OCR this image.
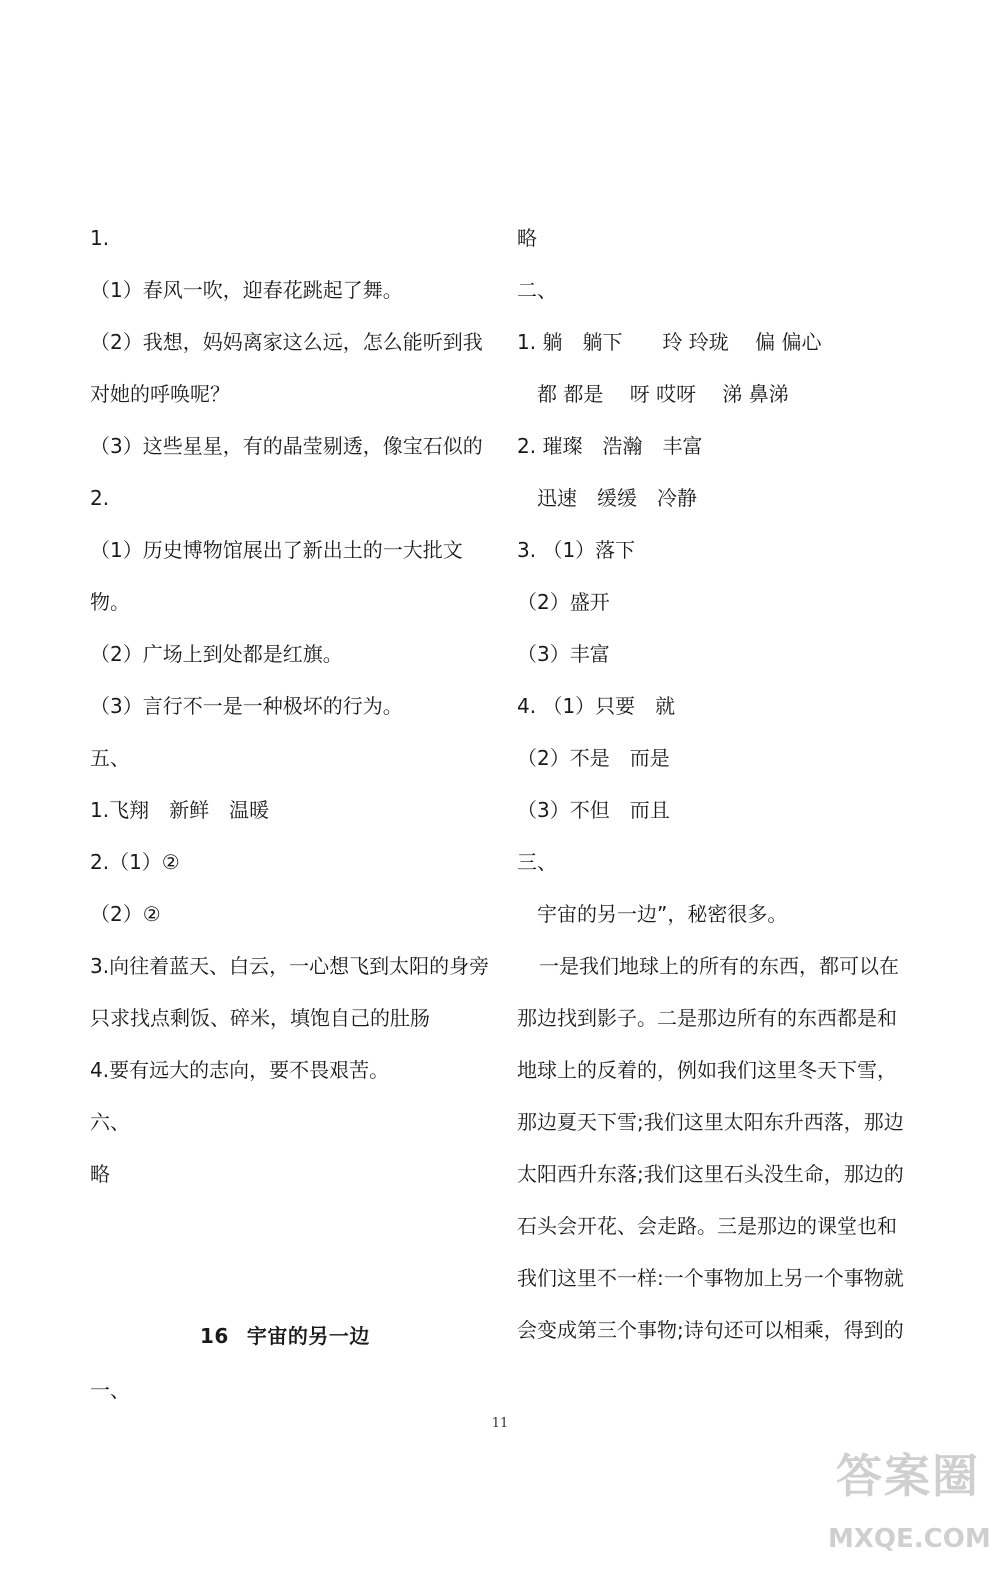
1.
（1）春风一吹，迎春花跳起了舞。
（2）我想，妈妈离家这么远，怎么能听到我
对她的呼唤呢？
（3）这些星星，有的晶莹剔透，像宝石似的
2.
（1）历史博物馆展出了新出土的一大批文
物。
（2）广场上到处都是红旗。
（3）言行不一是一种极坏的行为。
五、
1.飞翔　新鲜　温暖
2.（1）②
（2）②
3.向往着蓝天、白云，一心想飞到太阳的身旁
只求找点剩饭、碎米，填饱自己的肚肠
4.要有远大的志向，要不畏艰苦。
六、
略
略
二、
1. 躺　躺下　　玲 玲珑　 偏 偏心
都 都是　 呀 哎呀　 涕 鼻涕
2. 璀璨　浩瀚　丰富
迅速　缓缓　冷静
3. （1）落下
（2）盛开
（3）丰富
4. （1）只要　就
（2）不是　而是
（3）不但　而且
三、
宇宙的另一边”，秘密很多。
一是我们地球上的所有的东西，都可以在
那边找到影子。二是那边所有的东西都是和
地球上的反着的，例如我们这里冬天下雪，
那边夏天下雪;我们这里太阳东升西落，那边
太阳西升东落;我们这里石头没生命，那边的
石头会开花、会走路。三是那边的课堂也和
我们这里不一样:一个事物加上另一个事物就
会变成第三个事物;诗句还可以相乘，得到的
16 宇宙的另一边
一、
11
答案圈
MXQE.COM
